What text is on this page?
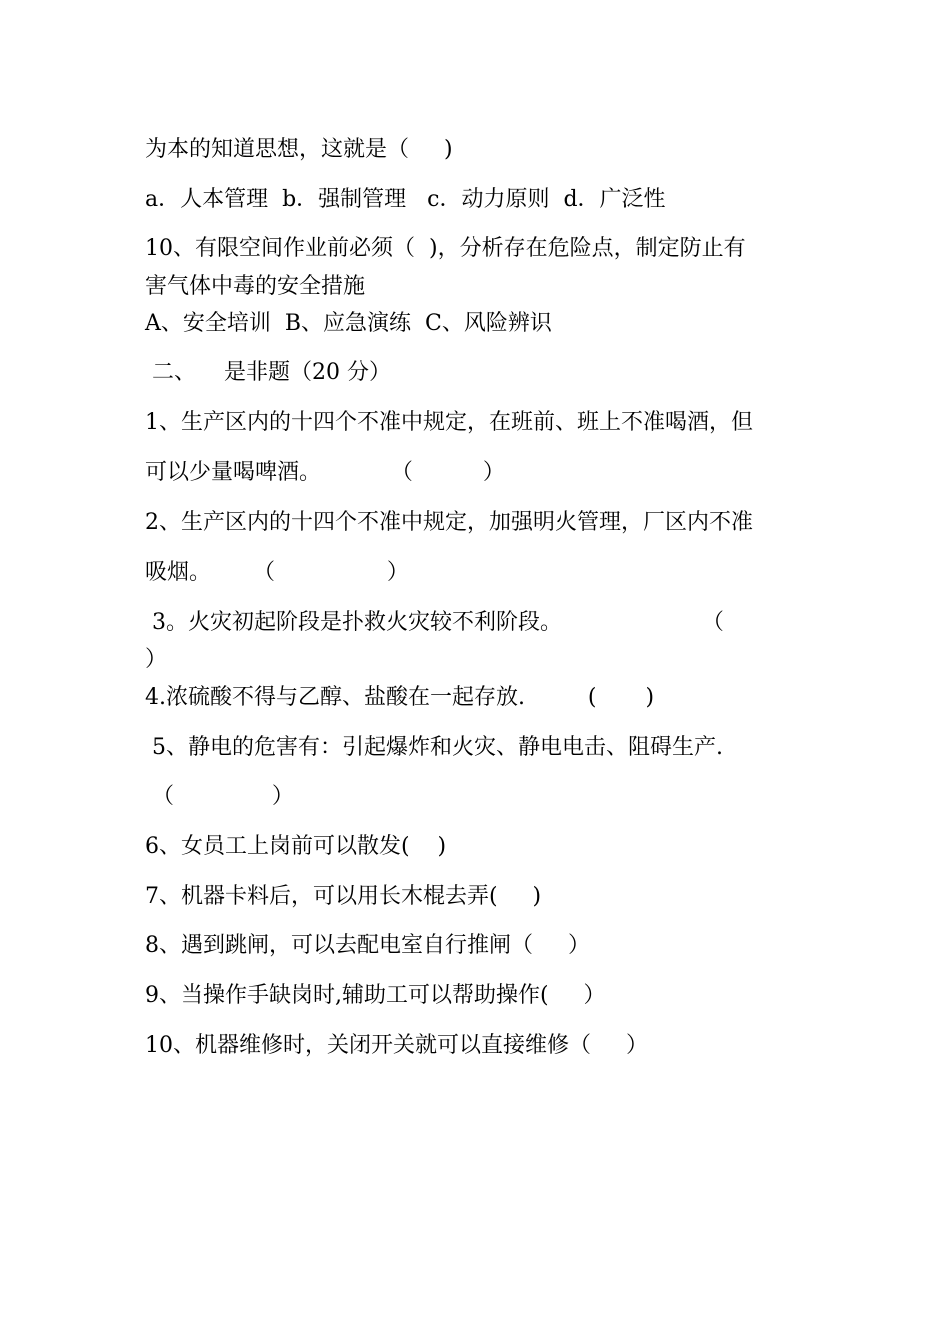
为本的知道思想，这就是（     )
a．人本管理  b．强制管理   c．动力原则  d．广泛性
10、有限空间作业前必须（  )，分析存在危险点，制定防止有
害气体中毒的安全措施
A、安全培训  B、应急演练  C、风险辨识
二、    是非题（20 分）
1、生产区内的十四个不准中规定，在班前、班上不准喝酒，但
可以少量喝啤酒。          （          ）
2、生产区内的十四个不准中规定，加强明火管理，厂区内不准
吸烟。      （                ）
3。火灾初起阶段是扑救火灾较不利阶段。                    （
）
4.浓硫酸不得与乙醇、盐酸在一起存放.         (       )
5、静电的危害有：引起爆炸和火灾、静电电击、阻碍生产.
（              ）
6、女员工上岗前可以散发(    )
7、机器卡料后，可以用长木棍去弄(     )
8、遇到跳闸，可以去配电室自行推闸（     ）
9、当操作手缺岗时,辅助工可以帮助操作(     ）
10、机器维修时，关闭开关就可以直接维修（     ）
